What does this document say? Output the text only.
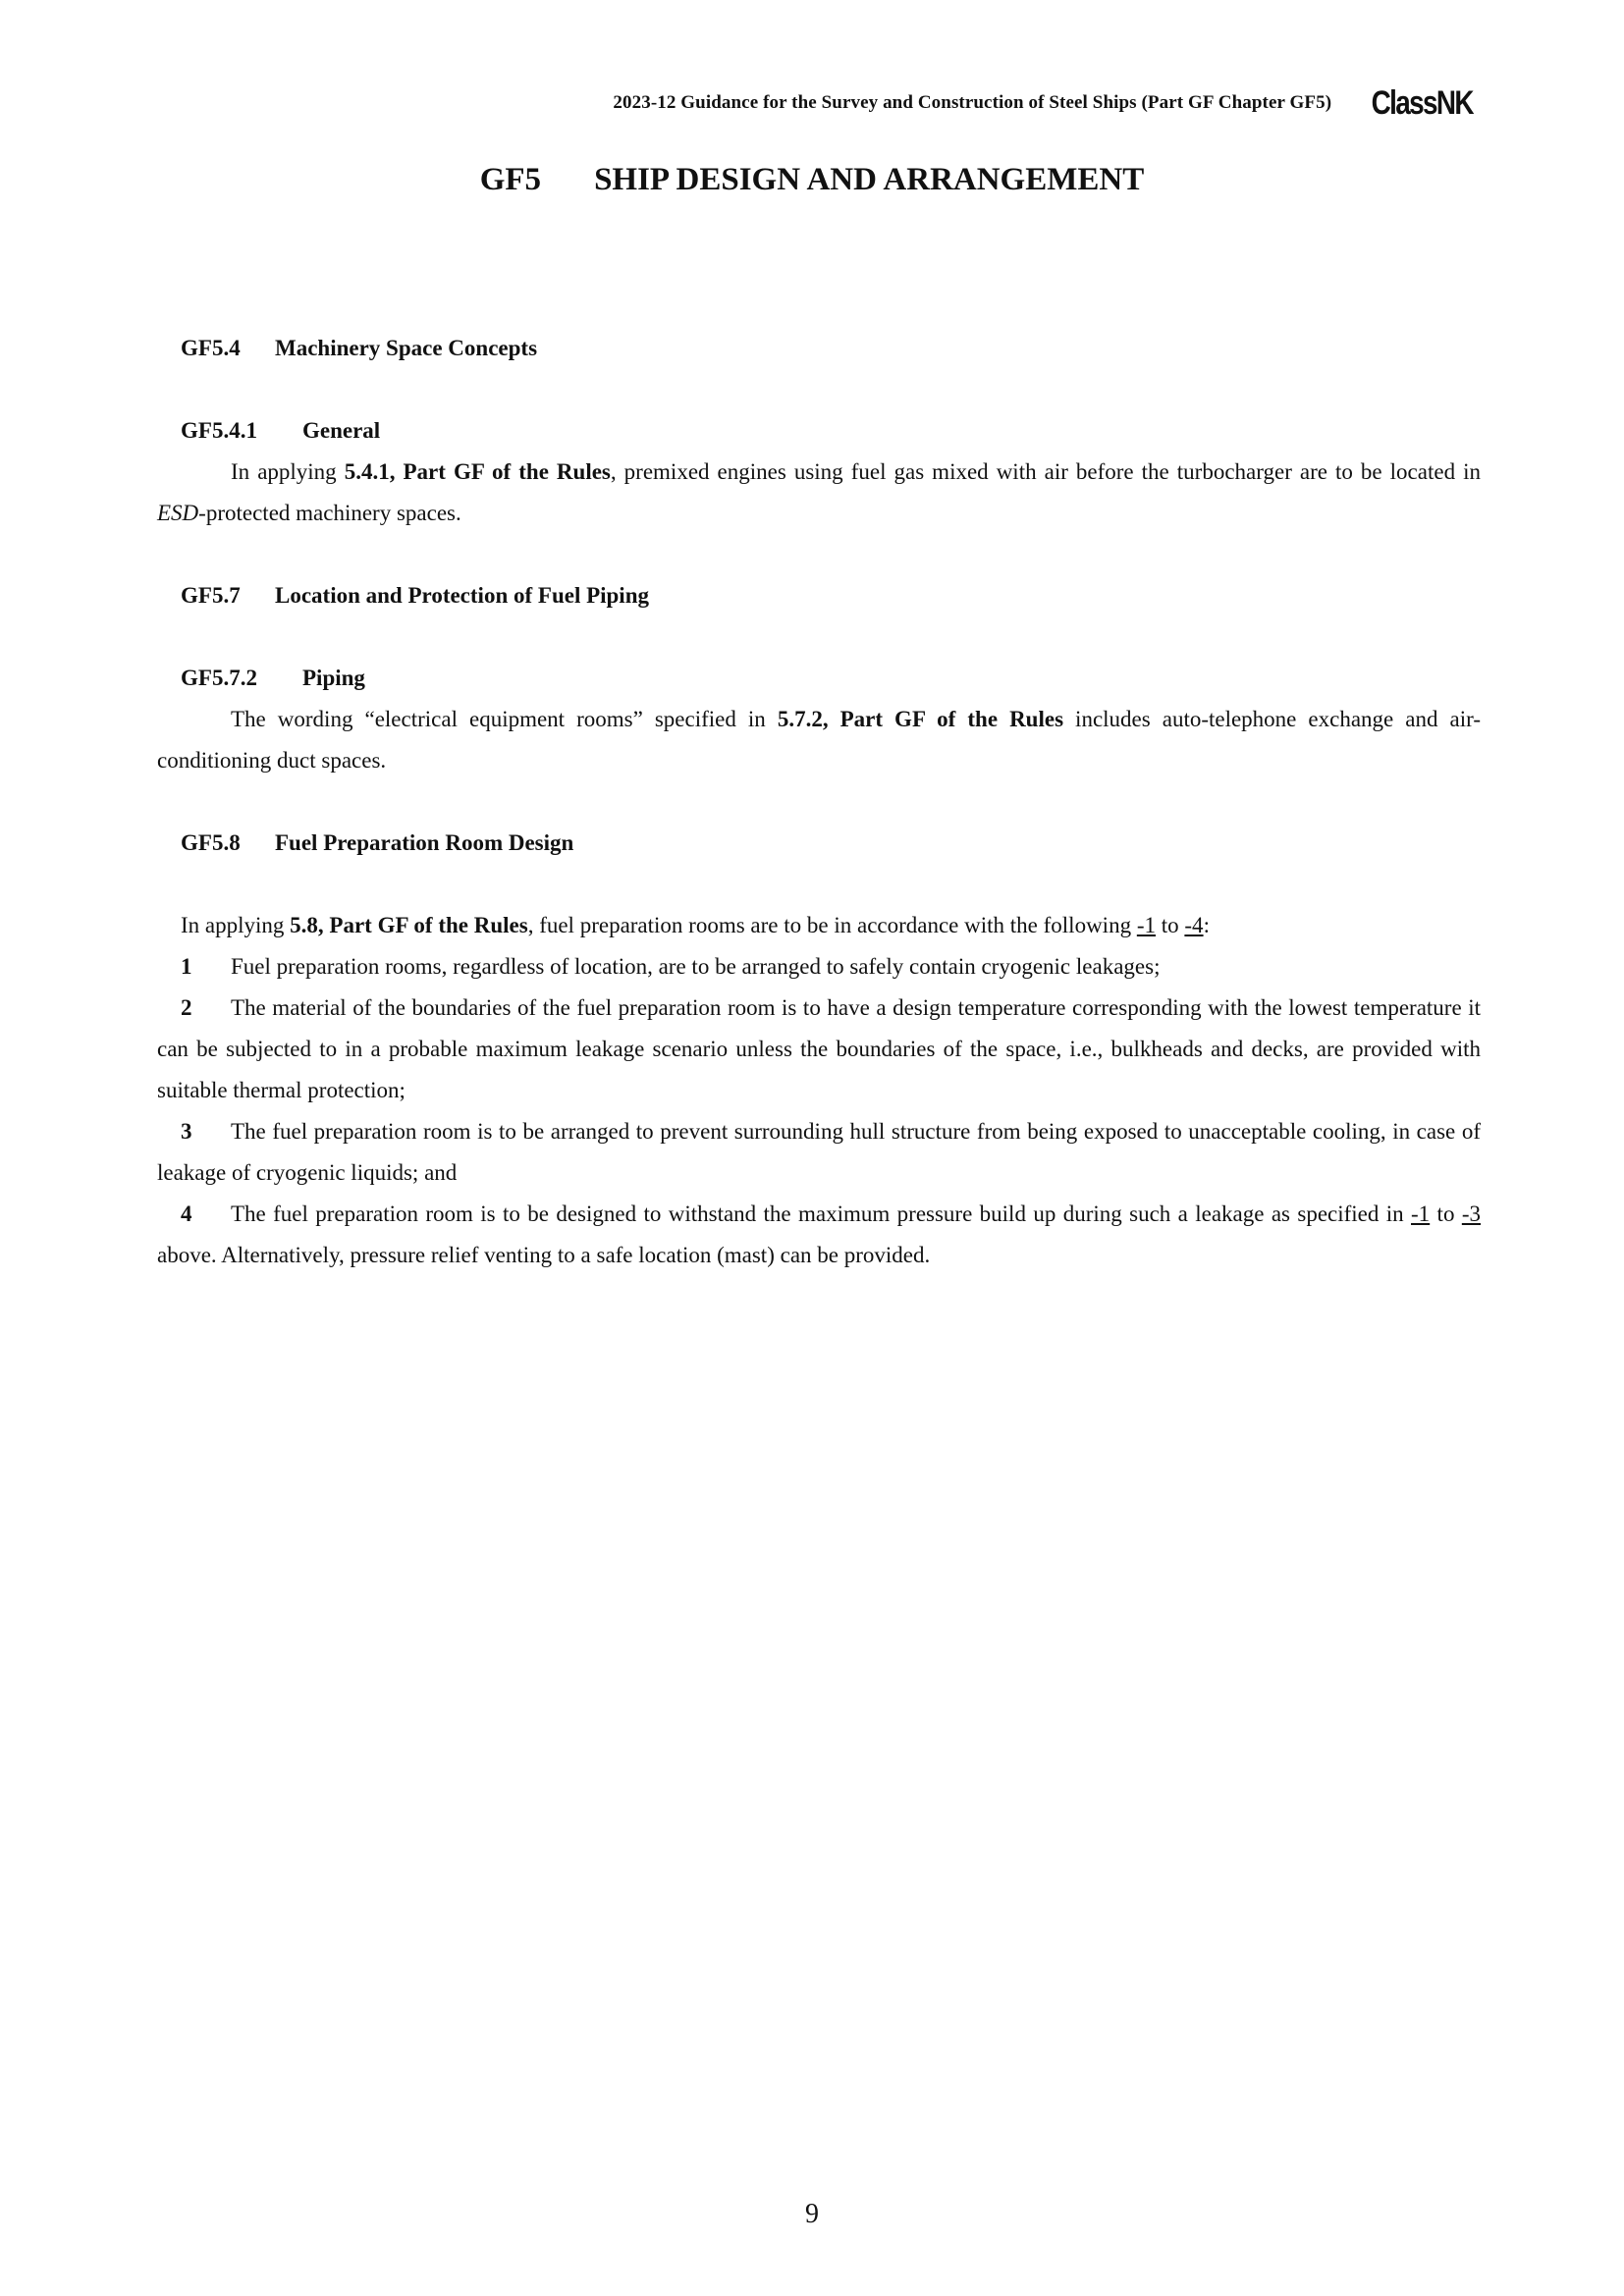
2023-12 Guidance for the Survey and Construction of Steel Ships (Part GF Chapter GF5) ClassNK
GF5 SHIP DESIGN AND ARRANGEMENT

GF5.4 Machinery Space Concepts

GF5.4.1 General

In applying 5.4.1, Part GF of the Rules, premixed engines using fuel gas mixed with air before the turbocharger are to be located in ESD-protected machinery spaces.

GF5.7 Location and Protection of Fuel Piping

GF5.7.2 Piping

The wording “electrical equipment rooms” specified in 5.7.2, Part GF of the Rules includes auto-telephone exchange and air-conditioning duct spaces.

GF5.8 Fuel Preparation Room Design

In applying 5.8, Part GF of the Rules, fuel preparation rooms are to be in accordance with the following -1 to -4:

1 Fuel preparation rooms, regardless of location, are to be arranged to safely contain cryogenic leakages;

2 The material of the boundaries of the fuel preparation room is to have a design temperature corresponding with the lowest temperature it can be subjected to in a probable maximum leakage scenario unless the boundaries of the space, i.e., bulkheads and decks, are provided with suitable thermal protection;

3 The fuel preparation room is to be arranged to prevent surrounding hull structure from being exposed to unacceptable cooling, in case of leakage of cryogenic liquids; and

4 The fuel preparation room is to be designed to withstand the maximum pressure build up during such a leakage as specified in -1 to -3 above. Alternatively, pressure relief venting to a safe location (mast) can be provided.

9
